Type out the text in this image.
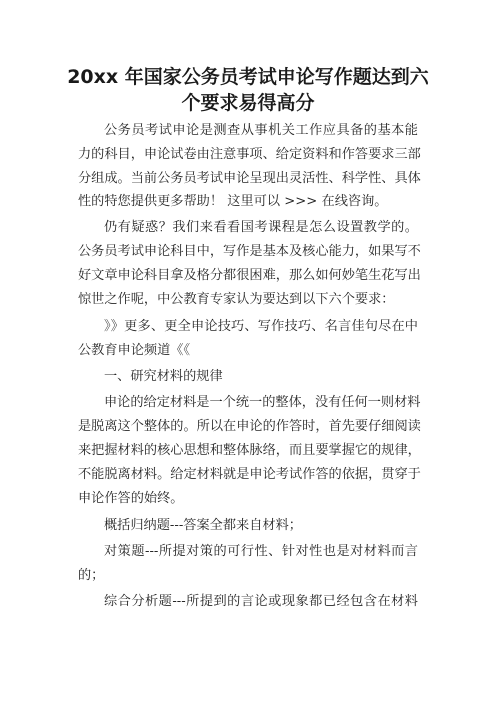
20xx 年国家公务员考试申论写作题达到六
个要求易得高分
公务员考试申论是测查从事机关工作应具备的基本能
力的科目，申论试卷由注意事项、给定资料和作答要求三部
分组成。当前公务员考试申论呈现出灵活性、科学性、具体
性的特您提供更多帮助！ 这里可以 >>> 在线咨询。
仍有疑惑？我们来看看国考课程是怎么设置教学的。
公务员考试申论科目中，写作是基本及核心能力，如果写不
好文章申论科目拿及格分都很困难，那么如何妙笔生花写出
惊世之作呢，中公教育专家认为要达到以下六个要求：
》》更多、更全申论技巧、写作技巧、名言佳句尽在中
公教育申论频道《《
一、研究材料的规律
申论的给定材料是一个统一的整体，没有任何一则材料
是脱离这个整体的。所以在申论的作答时，首先要仔细阅读
来把握材料的核心思想和整体脉络，而且要掌握它的规律，
不能脱离材料。给定材料就是申论考试作答的依据，贯穿于
申论作答的始终。
概括归纳题---答案全都来自材料；
对策题---所提对策的可行性、针对性也是对材料而言
的；
综合分析题---所提到的言论或现象都已经包含在材料
